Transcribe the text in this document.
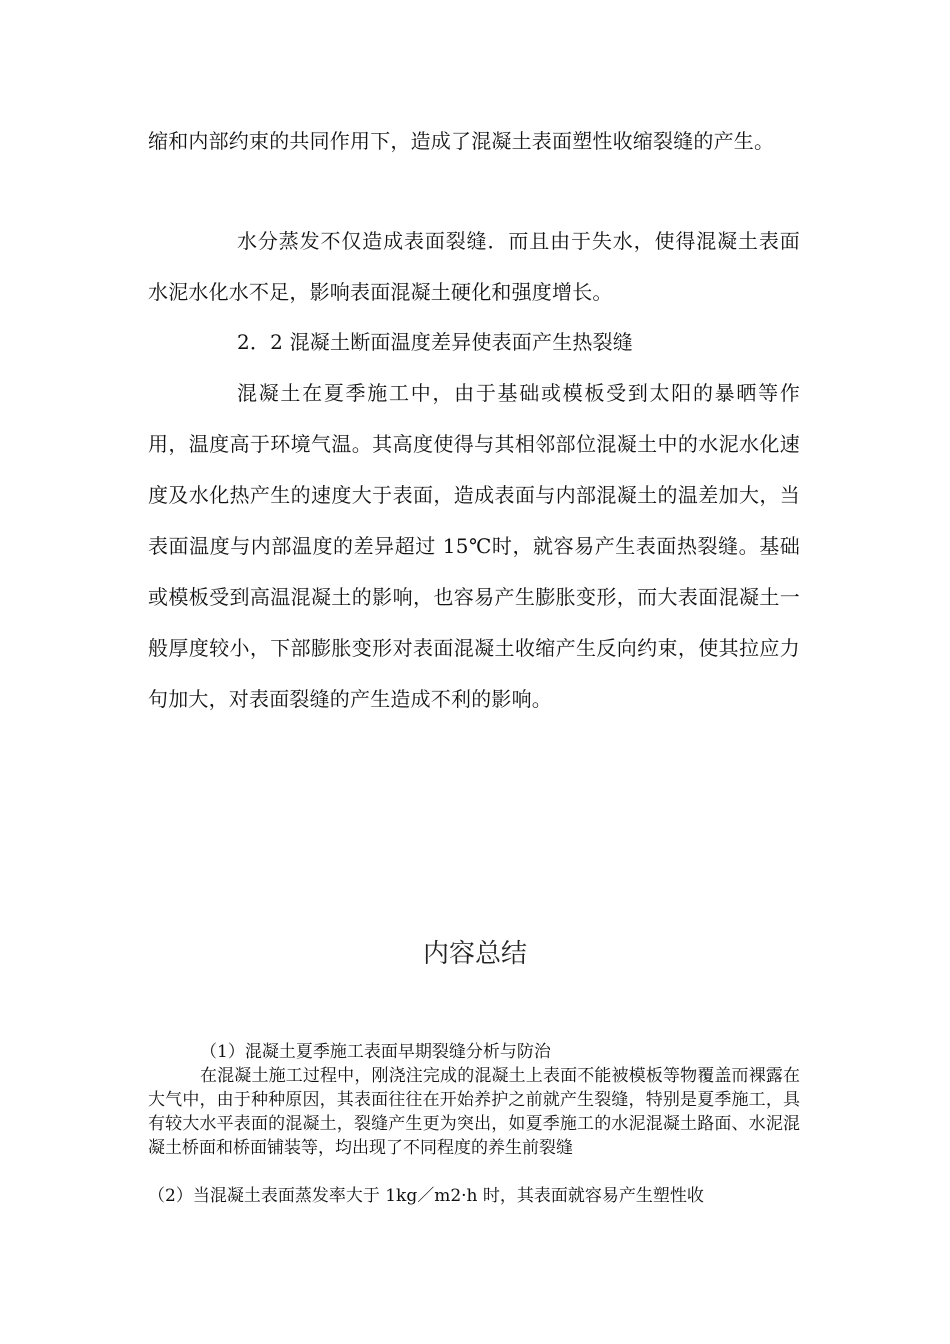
缩和内部约束的共同作用下，造成了混凝土表面塑性收缩裂缝的产生。

水分蒸发不仅造成表面裂缝．而且由于失水，使得混凝土表面水泥水化水不足，影响表面混凝土硬化和强度增长。

2．2 混凝土断面温度差异使表面产生热裂缝

混凝土在夏季施工中，由于基础或模板受到太阳的暴晒等作用，温度高于环境气温。其高度使得与其相邻部位混凝土中的水泥水化速度及水化热产生的速度大于表面，造成表面与内部混凝土的温差加大，当表面温度与内部温度的差异超过 15℃时，就容易产生表面热裂缝。基础或模板受到高温混凝土的影响，也容易产生膨胀变形，而大表面混凝土一般厚度较小，下部膨胀变形对表面混凝土收缩产生反向约束，使其拉应力句加大，对表面裂缝的产生造成不利的影响。

内容总结

（1）混凝土夏季施工表面早期裂缝分析与防治

在混凝土施工过程中，刚浇注完成的混凝土上表面不能被模板等物覆盖而裸露在大气中，由于种种原因，其表面往往在开始养护之前就产生裂缝，特别是夏季施工，具有较大水平表面的混凝土，裂缝产生更为突出，如夏季施工的水泥混凝土路面、水泥混凝土桥面和桥面铺装等，均出现了不同程度的养生前裂缝

（2）当混凝土表面蒸发率大于 1kg／m2·h 时，其表面就容易产生塑性收
